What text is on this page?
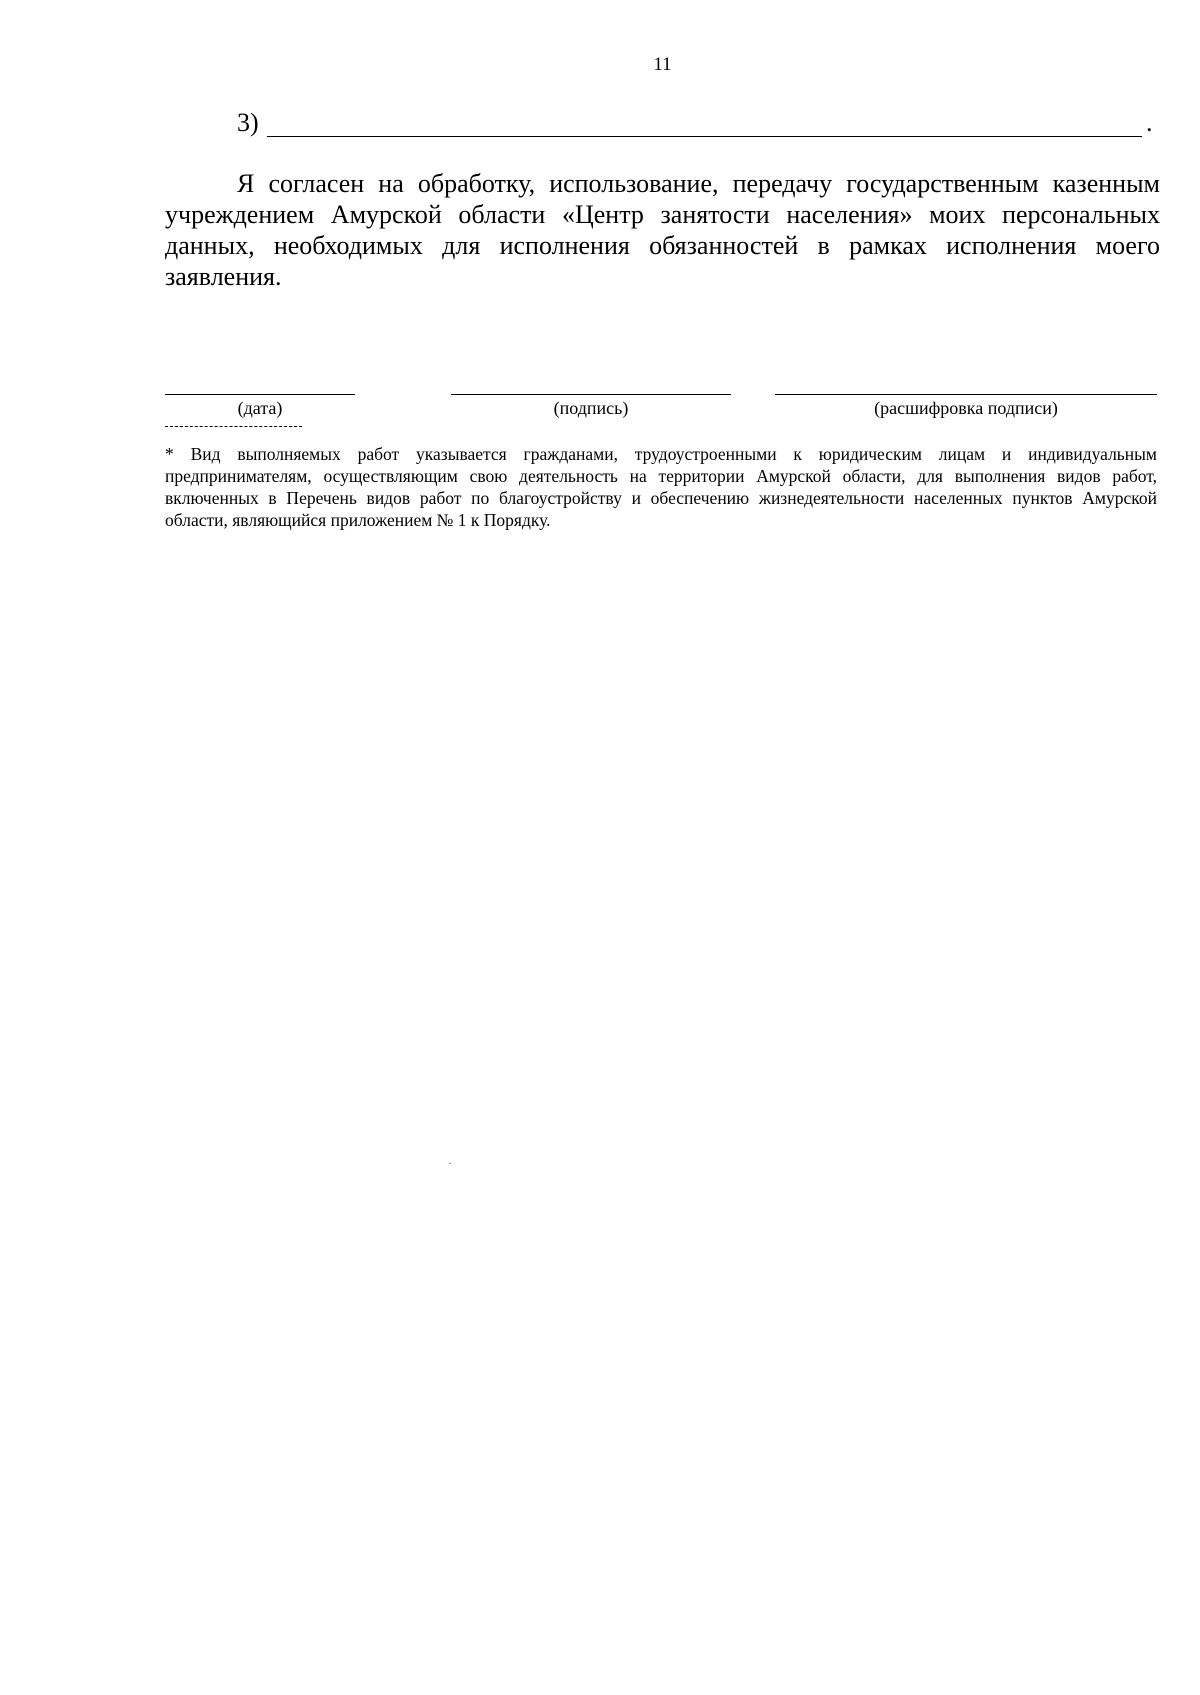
11
3)	.

Я согласен на обработку, использование, передачу государственным казенным учреждением Амурской области «Центр занятости населения» моих персональных данных, необходимых для исполнения обязанностей в рамках исполнения моего заявления.

(дата)	(подпись)	(расшифровка подписи)

* Вид выполняемых работ указывается гражданами, трудоустроенными к юридическим лицам и индивидуальным предпринимателям, осуществляющим свою деятельность на территории Амурской области, для выполнения видов работ, включенных в Перечень видов работ по благоустройству и обеспечению жизнедеятельности населенных пунктов Амурской области, являющийся приложением № 1 к Порядку.
